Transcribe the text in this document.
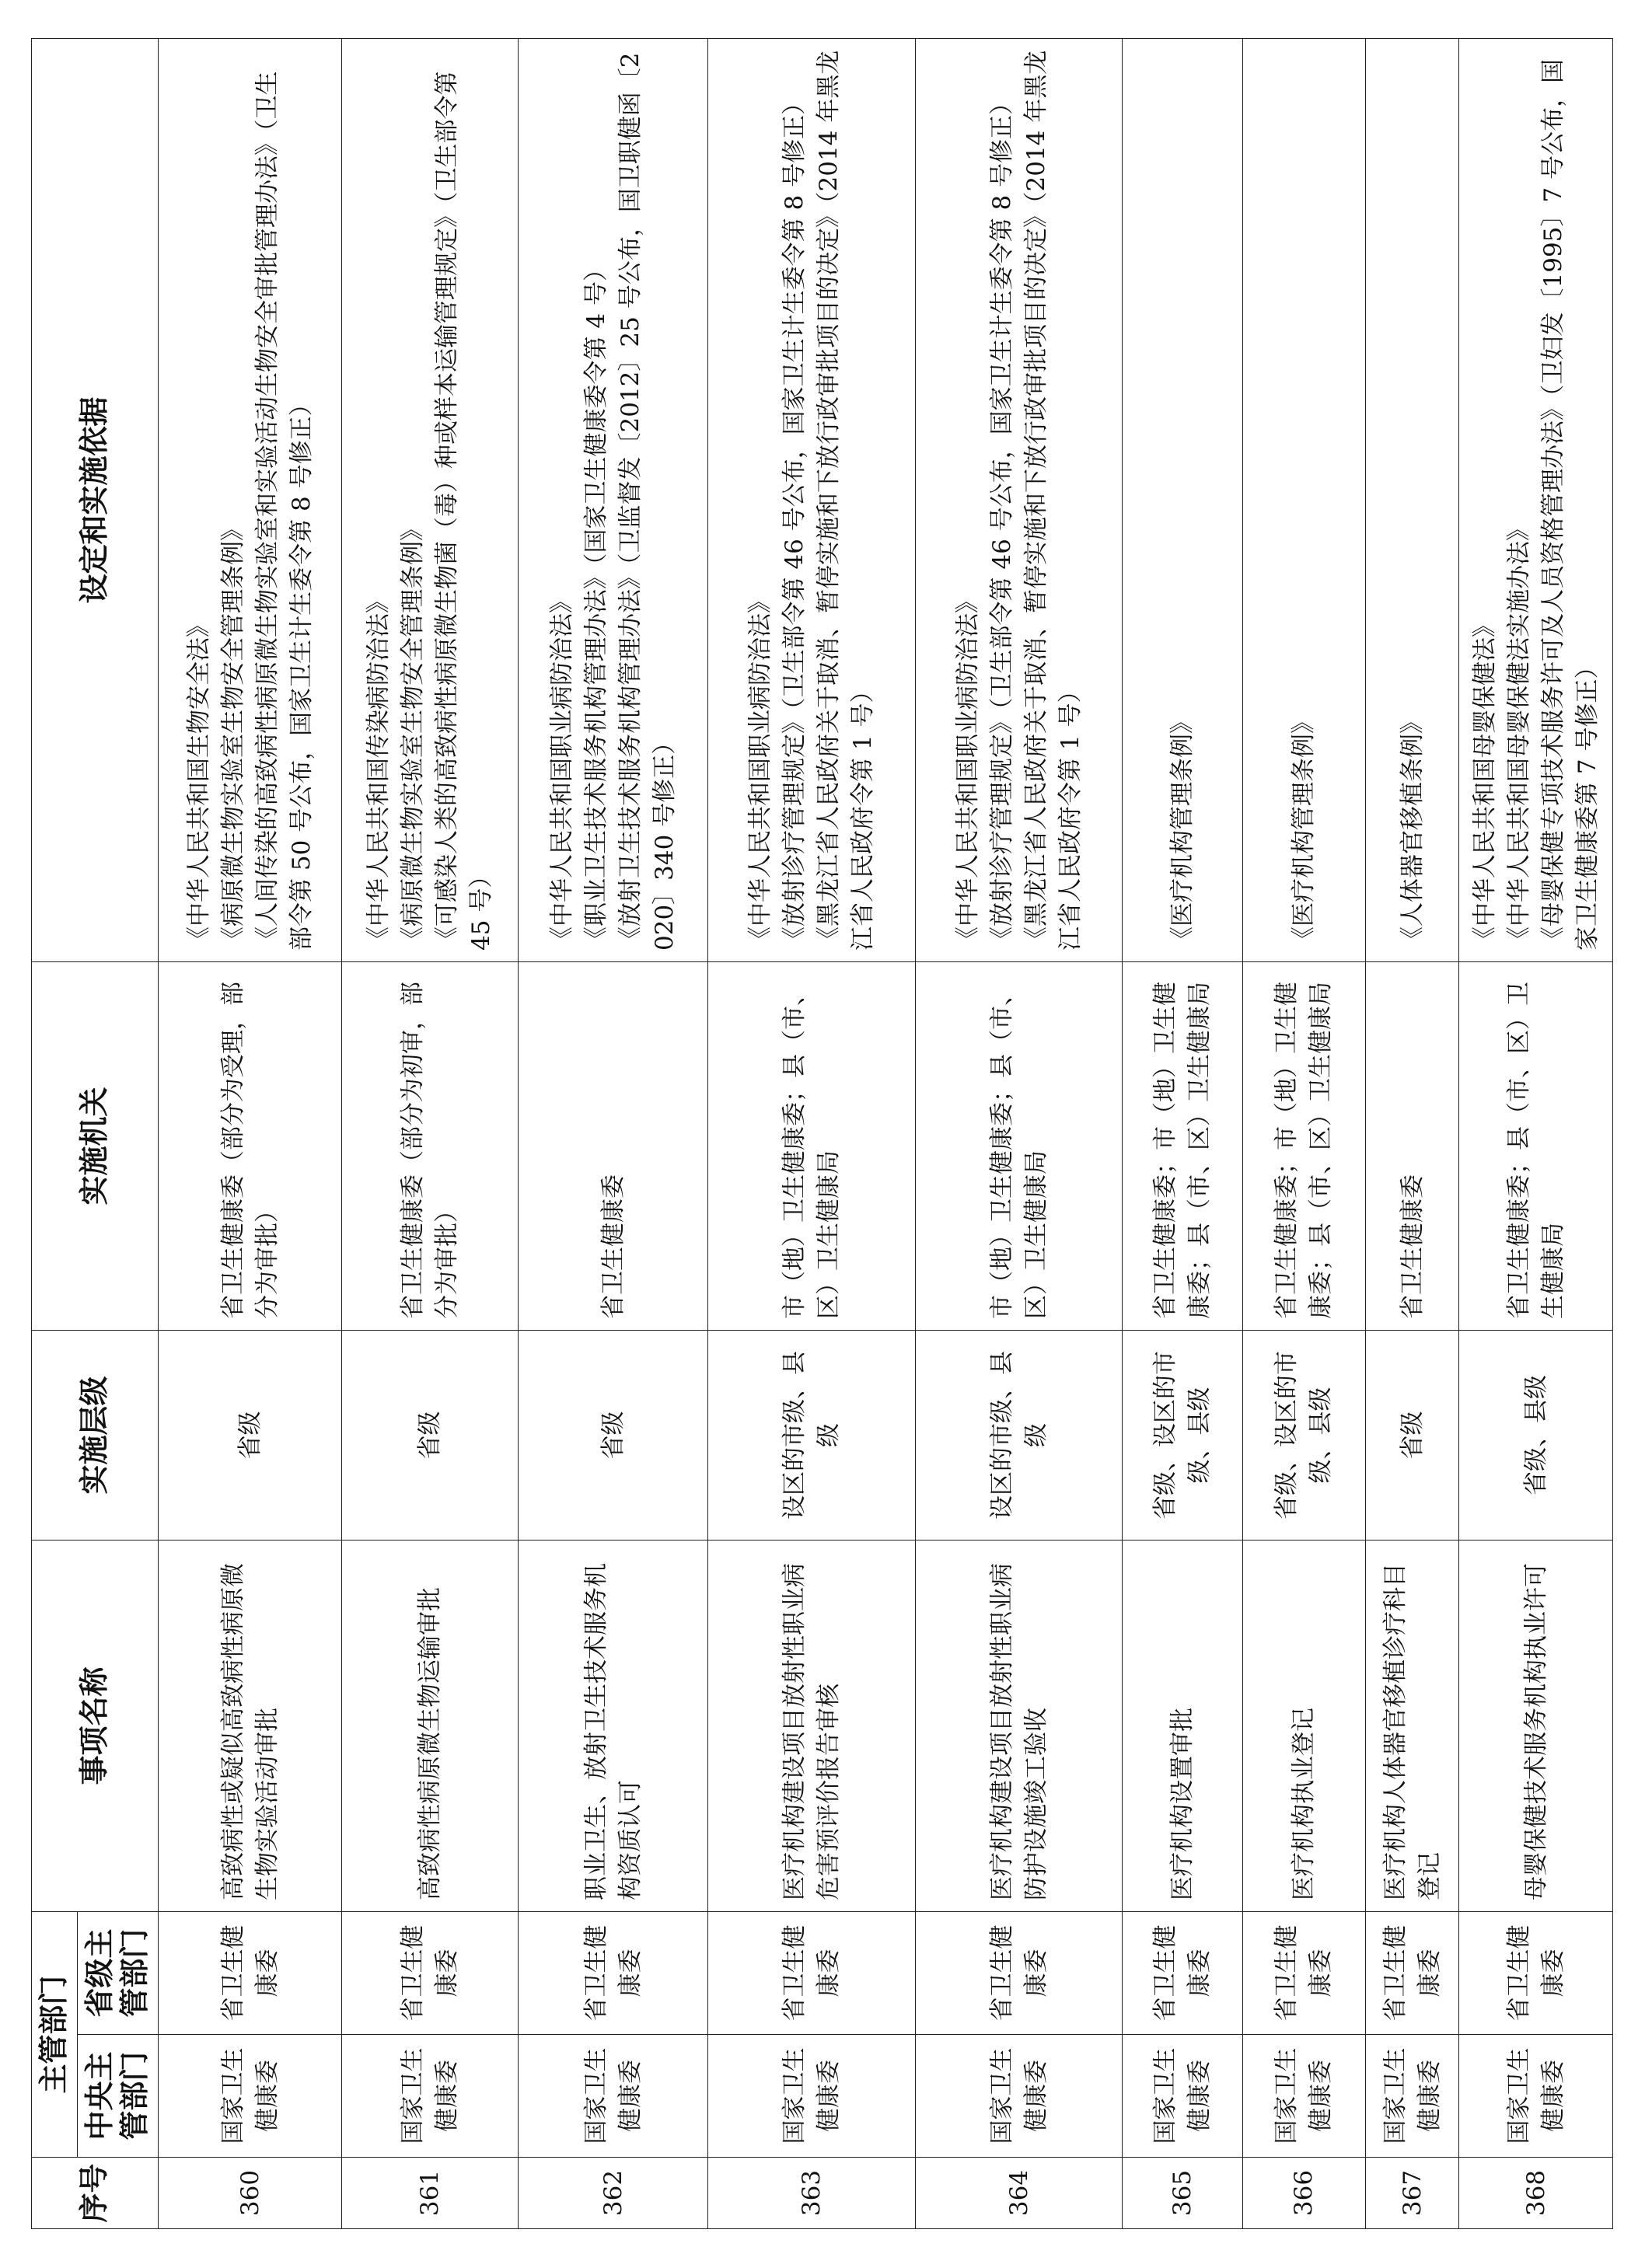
序号	主管部门		事项名称	实施层级	实施机关	设定和实施依据
	中央主管部门	省级主管部门				
360	国家卫生健康委	省卫生健康委	高致病性或疑似高致病性病原微生物实验活动审批	省级	省卫生健康委（部分为受理，部分为审批）	《中华人民共和国生物安全法》 《病原微生物实验室生物安全管理条例》 《人间传染的高致病性病原微生物实验室和实验活动生物安全审批管理办法》（卫生部令第 50 号公布，国家卫生计生委令第 8 号修正）

361	国家卫生健康委	省卫生健康委	高致病性病原微生物运输审批	省级	省卫生健康委（部分为初审，部分为审批）	《中华人民共和国传染病防治法》 《病原微生物实验室生物安全管理条例》 《可感染人类的高致病性病原微生物菌（毒）种或样本运输管理规定》（卫生部令第 45 号）

362	国家卫生健康委	省卫生健康委	职业卫生、放射卫生技术服务机构资质认可	省级	省卫生健康委	《中华人民共和国职业病防治法》 《职业卫生技术服务机构管理办法》（国家卫生健康委令第 4 号） 《放射卫生技术服务机构管理办法》（卫监督发〔2012〕25 号公布，国卫职健函〔2020〕340 号修正）

363	国家卫生健康委	省卫生健康委	医疗机构建设项目放射性职业病危害预评价报告审核	设区的市级、县级	市（地）卫生健康委；县（市、区）卫生健康局	《中华人民共和国职业病防治法》 《放射诊疗管理规定》（卫生部令第 46 号公布，国家卫生计生委令第 8 号修正） 《黑龙江省人民政府关于取消、暂停实施和下放行政审批项目的决定》（2014 年黑龙江省人民政府令第 1 号）

364	国家卫生健康委	省卫生健康委	医疗机构建设项目放射性职业病防护设施竣工验收	设区的市级、县级	市（地）卫生健康委；县（市、区）卫生健康局	《中华人民共和国职业病防治法》 《放射诊疗管理规定》（卫生部令第 46 号公布，国家卫生计生委令第 8 号修正） 《黑龙江省人民政府关于取消、暂停实施和下放行政审批项目的决定》（2014 年黑龙江省人民政府令第 1 号）

365	国家卫生健康委	省卫生健康委	医疗机构设置审批	省级、设区的市级、县级	省卫生健康委；市（地）卫生健康委；县（市、区）卫生健康局	《医疗机构管理条例》

366	国家卫生健康委	省卫生健康委	医疗机构执业登记	省级、设区的市级、县级	省卫生健康委；市（地）卫生健康委；县（市、区）卫生健康局	《医疗机构管理条例》

367	国家卫生健康委	省卫生健康委	医疗机构人体器官移植诊疗科目登记	省级	省卫生健康委	《人体器官移植条例》

368	国家卫生健康委	省卫生健康委	母婴保健技术服务机构执业许可	省级、县级	省卫生健康委；县（市、区）卫生健康局	《中华人民共和国母婴保健法》 《中华人民共和国母婴保健法实施办法》 《母婴保健专项技术服务许可及人员资格管理办法》（卫妇发〔1995〕7 号公布，国家卫生健康委第 7 号修正）
